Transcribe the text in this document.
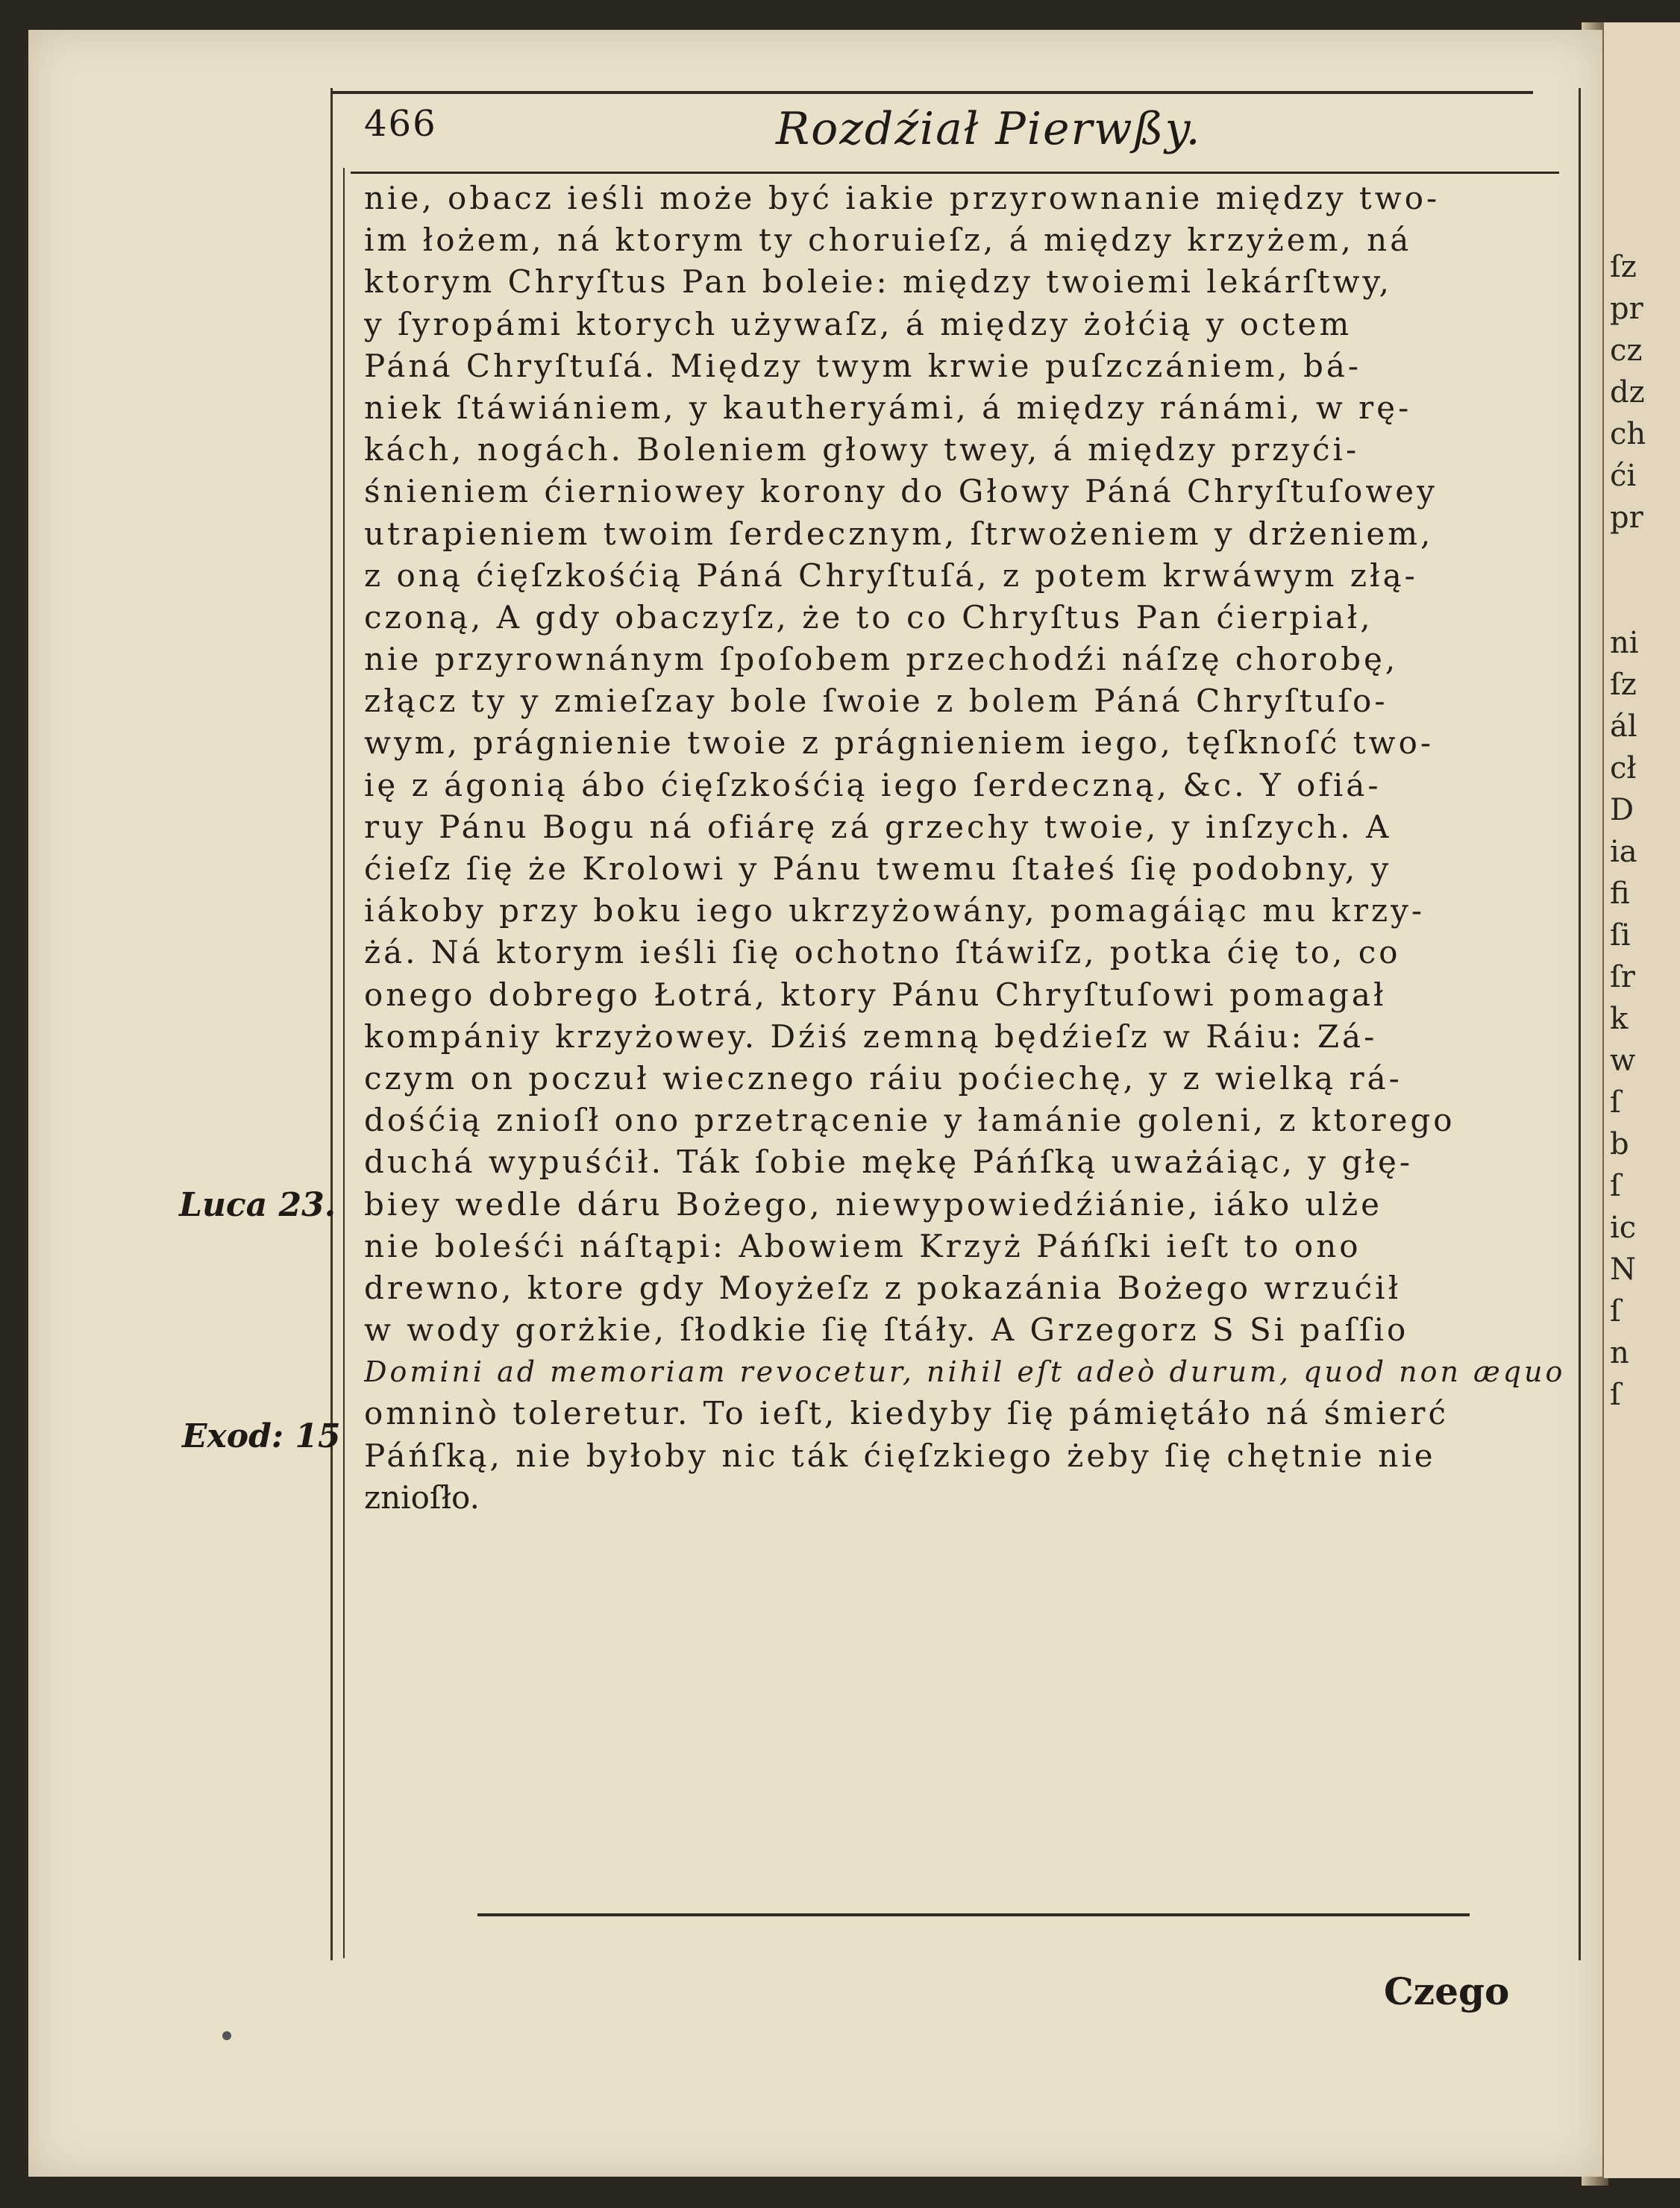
ſz
pr
cz
dz
ch
ći
pr
ni
ſz
ál
cł
D
ia
fi
ſi
ſr
k
w
ſ
b
ſ
ic
N
ſ
n
ſ
466	Rozdźiał Pierwßy.
Luca 23.
Exod: 15
nie, obacz ieśli może być iakie przyrownanie między two-
im łożem, ná ktorym ty choruieſz, á między krzyżem, ná
ktorym Chryſtus Pan boleie: między twoiemi lekárſtwy,
y ſyropámi ktorych używaſz, á między żołćią y octem
Páná Chryſtuſá. Między twym krwie puſzczániem, bá-
niek ſtáwiániem, y kautheryámi, á między ránámi, w rę-
kách, nogách. Boleniem głowy twey, á między przyći-
śnieniem ćierniowey korony do Głowy Páná Chryſtuſowey
utrapieniem twoim ſerdecznym, ſtrwożeniem y drżeniem,
z oną ćięſzkośćią Páná Chryſtuſá, z potem krwáwym złą-
czoną, A gdy obaczyſz, że to co Chryſtus Pan ćierpiał,
nie przyrownánym ſpoſobem przechodźi náſzę chorobę,
złącz ty y zmieſzay bole ſwoie z bolem Páná Chryſtuſo-
wym, prágnienie twoie z prágnieniem iego, tęſknoſć two-
ię z ágonią ábo ćięſzkośćią iego ſerdeczną, &c. Y ofiá-
ruy Pánu Bogu ná ofiárę zá grzechy twoie, y inſzych. A
ćieſz ſię że Krolowi y Pánu twemu ſtałeś ſię podobny, y
iákoby przy boku iego ukrzyżowány, pomagáiąc mu krzy-
żá. Ná ktorym ieśli ſię ochotno ſtáwiſz, potka ćię to, co
onego dobrego Łotrá, ktory Pánu Chryſtuſowi pomagał
kompániy krzyżowey. Dźiś zemną będźieſz w Ráiu: Zá-
czym on poczuł wiecznego ráiu poćiechę, y z wielką rá-
dośćią znioſł ono przetrącenie y łamánie goleni, z ktorego
duchá wypuśćił. Ták ſobie mękę Páńſką uważáiąc, y głę-
biey wedle dáru Bożego, niewypowiedźiánie, iáko ulże
nie boleśći náſtąpi: Abowiem Krzyż Páńſki ieſt to ono
drewno, ktore gdy Moyżeſz z pokazánia Bożego wrzućił
w wody gorżkie, ſłodkie ſię ſtáły. A Grzegorz S Si paſſio
Domini ad memoriam revocetur, nihil eſt adeò durum, quod non æquo
omninò toleretur. To ieſt, kiedyby ſię pámiętáło ná śmierć
Páńſką, nie byłoby nic ták ćięſzkiego żeby ſię chętnie nie
znioſło.
Czego
